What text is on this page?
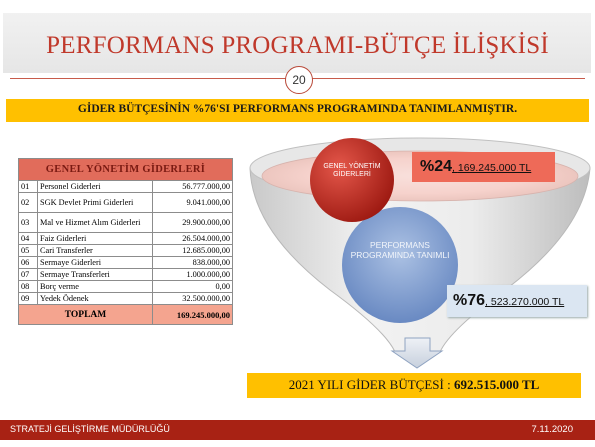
PERFORMANS PROGRAMI-BÜTÇE İLİŞKİSİ
20
GİDER BÜTÇESİNİN %76'SI PERFORMANS PROGRAMINDA TANIMLANMIŞTIR.
GENEL YÖNETİM GİDERLERİ
PERFORMANS PROGRAMINDA TANIMLI
%24, 169.245.000 TL
%76, 523.270.000 TL
GENEL YÖNETİM GİDERLERİ		
01	Personel Giderleri	56.777.000,00
02	SGK Devlet Primi Giderleri	9.041.000,00
03	Mal ve Hizmet Alım Giderleri	29.900.000,00
04	Faiz Giderleri	26.504.000,00
05	Cari Transferler	12.685.000,00
06	Sermaye Giderleri	838.000,00
07	Sermaye Transferleri	1.000.000,00
08	Borç verme	0,00
09	Yedek Ödenek	32.500.000,00
TOPLAM		169.245.000,00
2021 YILI GİDER BÜTÇESİ : 692.515.000 TL
STRATEJİ GELİŞTİRME MÜDÜRLÜĞÜ	7.11.2020
